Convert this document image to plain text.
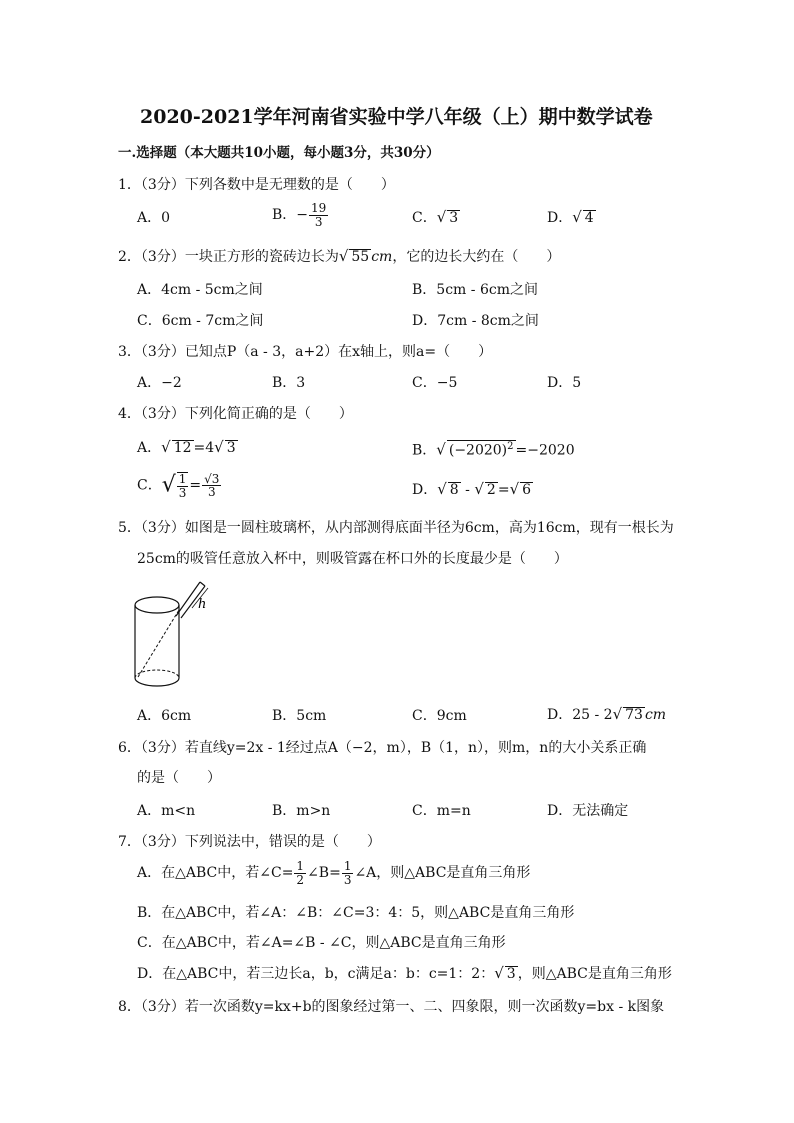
2020-2021学年河南省实验中学八年级（上）期中数学试卷
一.选择题（本大题共10小题，每小题3分，共30分）
1．（3分）下列各数中是无理数的是（　　）
A．0	B．− $\frac{19}{3}$	C．√ 3	D．√ 4
2．（3分）一块正方形的瓷砖边长为√ 55 cm，它的边长大约在（　　）
A．4cm - 5cm之间	B．5cm - 6cm之间
C．6cm - 7cm之间	D．7cm - 8cm之间
3．（3分）已知点P（a - 3，a+2）在x轴上，则a=（　　）
A．−2	B．3	C．−5	D．5
4．（3分）下列化简正确的是（　　）
A．√ 12 =4√ 3	B．√ $(-2020)^2 =-2020$
C．√ $\frac{1}{3} = \frac{√3}{3}$	D．√ 8 - √ 2 =√ 6
5．（3分）如图是一圆柱玻璃杯，从内部测得底面半径为6cm，高为16cm，现有一根长为
25cm的吸管任意放入杯中，则吸管露在杯口外的长度最少是（　　）
h
A．6cm	B．5cm	C．9cm	D．25 - 2√ 73 cm
6．（3分）若直线y=2x - 1经过点A（−2，m），B（1，n），则m，n的大小关系正确
的是（　　）
A．m<n	B．m>n	C．m=n	D．无法确定
7．（3分）下列说法中，错误的是（　　）
A．在△ABC中，若∠C= $\frac{1}{2}$ ∠B= $\frac{1}{3}$ ∠A，则△ABC是直角三角形
B．在△ABC中，若∠A：∠B：∠C=3：4：5，则△ABC是直角三角形
C．在△ABC中，若∠A=∠B - ∠C，则△ABC是直角三角形
D．在△ABC中，若三边长a，b，c满足a：b：c=1：2：√ 3 ，则△ABC是直角三角形
8．（3分）若一次函数y=kx+b的图象经过第一、二、四象限，则一次函数y=bx - k图象
